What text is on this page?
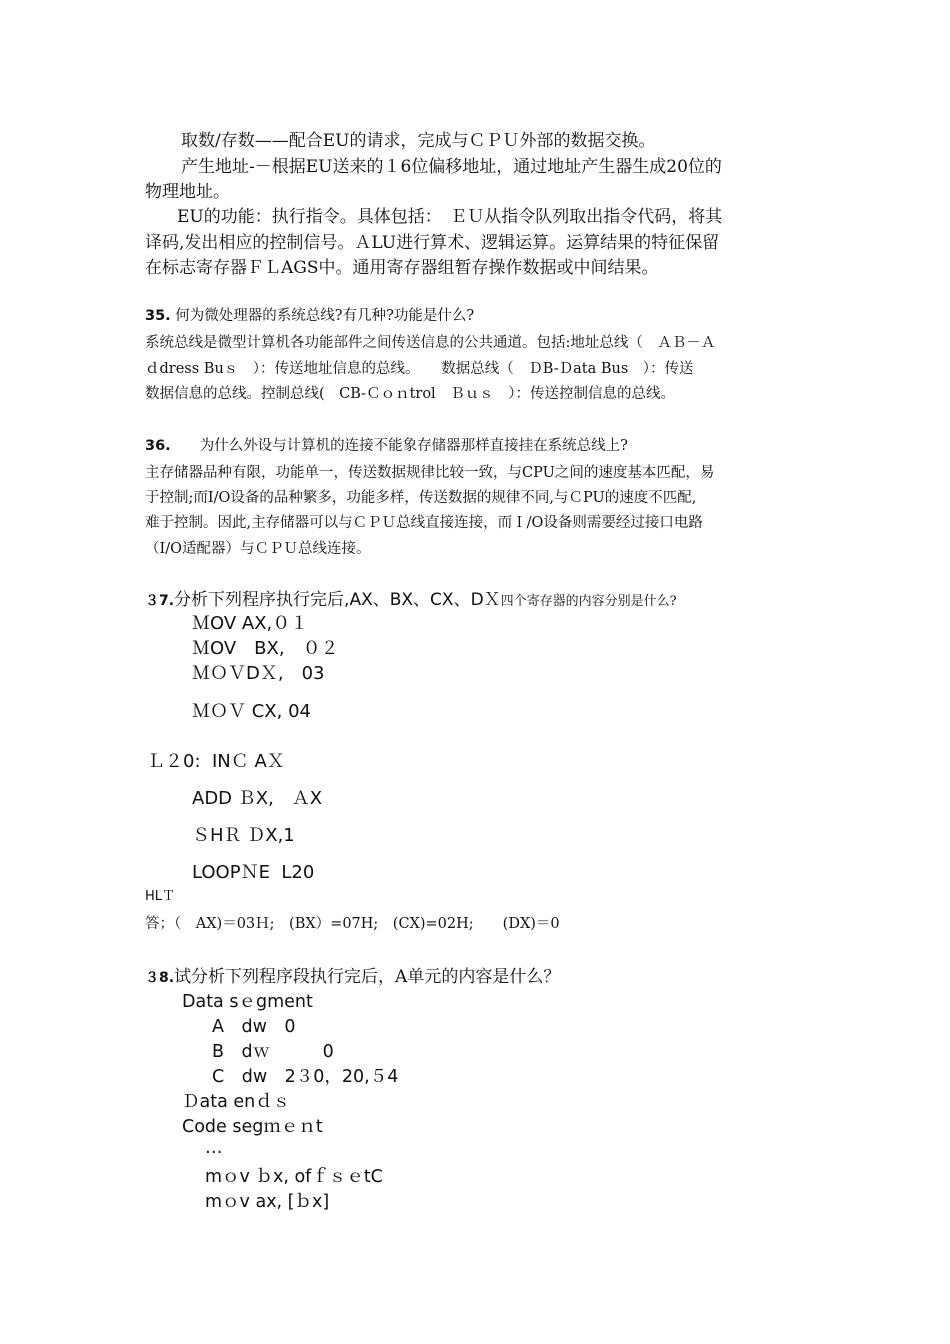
取数/存数——配合EU的请求，完成与ＣＰＵ外部的数据交换。
产生地址-－根据EU送来的１6位偏移地址，通过地址产生器生成20位的
物理地址。
EU的功能：执行指令。具体包括：　ＥＵ从指令队列取出指令代码，将其
译码,发出相应的控制信号。ＡLU进行算术、逻辑运算。运算结果的特征保留
在标志寄存器ＦＬAGS中。通用寄存器组暂存操作数据或中间结果。
35. 何为微处理器的系统总线?有几种?功能是什么?
系统总线是微型计算机各功能部件之间传送信息的公共通道。包括:地址总线（　ＡＢ－Ａ
ｄdress Buｓ　）：传送地址信息的总线。　　数据总线（　ＤB-Ｄata Bus　）：传送
数据信息的总线。控制总线(　CB-Ｃｏｎtrol　Ｂｕｓ　）：传送控制信息的总线。
36.　　 为什么外设与计算机的连接不能象存储器那样直接挂在系统总线上?
主存储器品种有限，功能单一，传送数据规律比较一致，与CPU之间的速度基本匹配，易
于控制;而I/O设备的品种繁多，功能多样，传送数据的规律不同,与ＣPU的速度不匹配,
难于控制。因此,主存储器可以与ＣＰＵ总线直接连接，而Ｉ/O设备则需要经过接口电路
（I/O适配器）与ＣＰＵ总线连接。
３7.分析下列程序执行完后,AX、BX、CX、DＸ四个寄存器的内容分别是什么?
ＭOV AX,０１
ＭOV　BX,　０２
ＭＯＶDＸ,　03
ＭＯＶ CX, 04
Ｌ２0:  INＣ AＸ
ADD ＢX,　ＡX
ＳHＲ ＤX,1
LOOPＮE  L20
HLＴ
答；（　AX)＝03Ｈ;　(BX）=07H;　(CX)=02H;　　(DX)＝0
３8.试分析下列程序段执行完后，A单元的内容是什么？
Data sｅgment
A　dw　0
B　dｗ　　　0
C　dw　2３0，20,５4
Ｄata enｄｓ
Code segｍｅｎt
…
mｏv ｂx, ofｆｓｅtC
mｏv ax, [ｂx]
